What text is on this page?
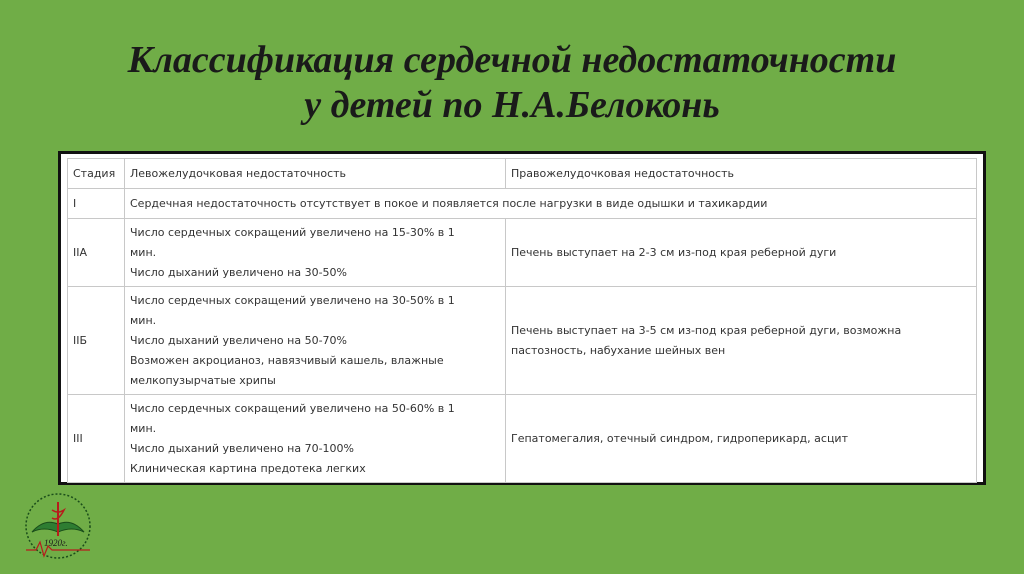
Классификация сердечной недостаточности
у детей по Н.А.Белоконь
Стадия	Левожелудочковая недостаточность	Правожелудочковая недостаточность
I	Сердечная недостаточность отсутствует в покое и появляется после нагрузки в виде одышки и тахикардии	
IIA	Число сердечных сокращений увеличено на 15-30% в 1
мин.
Число дыханий увеличено на 30-50%	Печень выступает на 2-3 см из-под края реберной дуги
IIБ	Число сердечных сокращений увеличено на 30-50% в 1
мин.
Число дыханий увеличено на 50-70%
Возможен акроцианоз, навязчивый кашель, влажные
мелкопузырчатые хрипы	Печень выступает на 3-5 см из-под края реберной дуги, возможна
пастозность, набухание шейных вен

III	Число сердечных сокращений увеличено на 50-60% в 1
мин.
Число дыханий увеличено на 70-100%
Клиническая картина предотека легких	Гепатомегалия, отечный синдром, гидроперикард, асцит
1920г.
